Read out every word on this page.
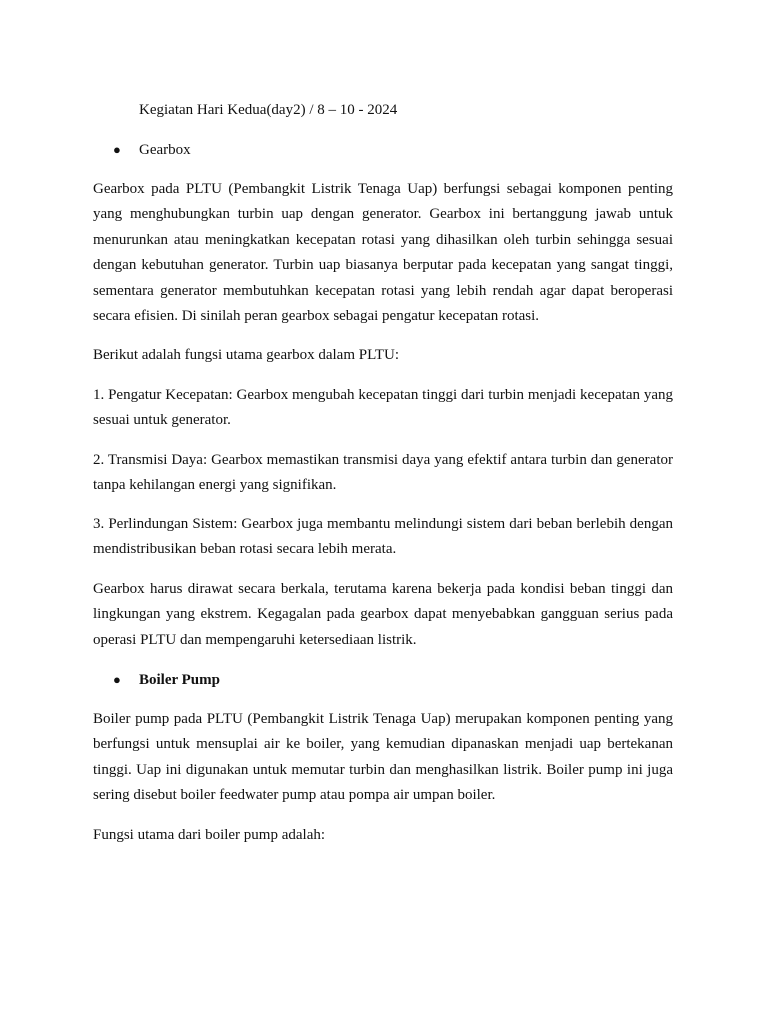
Kegiatan Hari Kedua(day2) / 8 – 10 - 2024
● Gearbox

Gearbox pada PLTU (Pembangkit Listrik Tenaga Uap) berfungsi sebagai komponen penting yang menghubungkan turbin uap dengan generator. Gearbox ini bertanggung jawab untuk menurunkan atau meningkatkan kecepatan rotasi yang dihasilkan oleh turbin sehingga sesuai dengan kebutuhan generator. Turbin uap biasanya berputar pada kecepatan yang sangat tinggi, sementara generator membutuhkan kecepatan rotasi yang lebih rendah agar dapat beroperasi secara efisien. Di sinilah peran gearbox sebagai pengatur kecepatan rotasi.

Berikut adalah fungsi utama gearbox dalam PLTU:

1. Pengatur Kecepatan: Gearbox mengubah kecepatan tinggi dari turbin menjadi kecepatan yang sesuai untuk generator.

2. Transmisi Daya: Gearbox memastikan transmisi daya yang efektif antara turbin dan generator tanpa kehilangan energi yang signifikan.

3. Perlindungan Sistem: Gearbox juga membantu melindungi sistem dari beban berlebih dengan mendistribusikan beban rotasi secara lebih merata.

Gearbox harus dirawat secara berkala, terutama karena bekerja pada kondisi beban tinggi dan lingkungan yang ekstrem. Kegagalan pada gearbox dapat menyebabkan gangguan serius pada operasi PLTU dan mempengaruhi ketersediaan listrik.

● Boiler Pump

Boiler pump pada PLTU (Pembangkit Listrik Tenaga Uap) merupakan komponen penting yang berfungsi untuk mensuplai air ke boiler, yang kemudian dipanaskan menjadi uap bertekanan tinggi. Uap ini digunakan untuk memutar turbin dan menghasilkan listrik. Boiler pump ini juga sering disebut boiler feedwater pump atau pompa air umpan boiler.

Fungsi utama dari boiler pump adalah:
